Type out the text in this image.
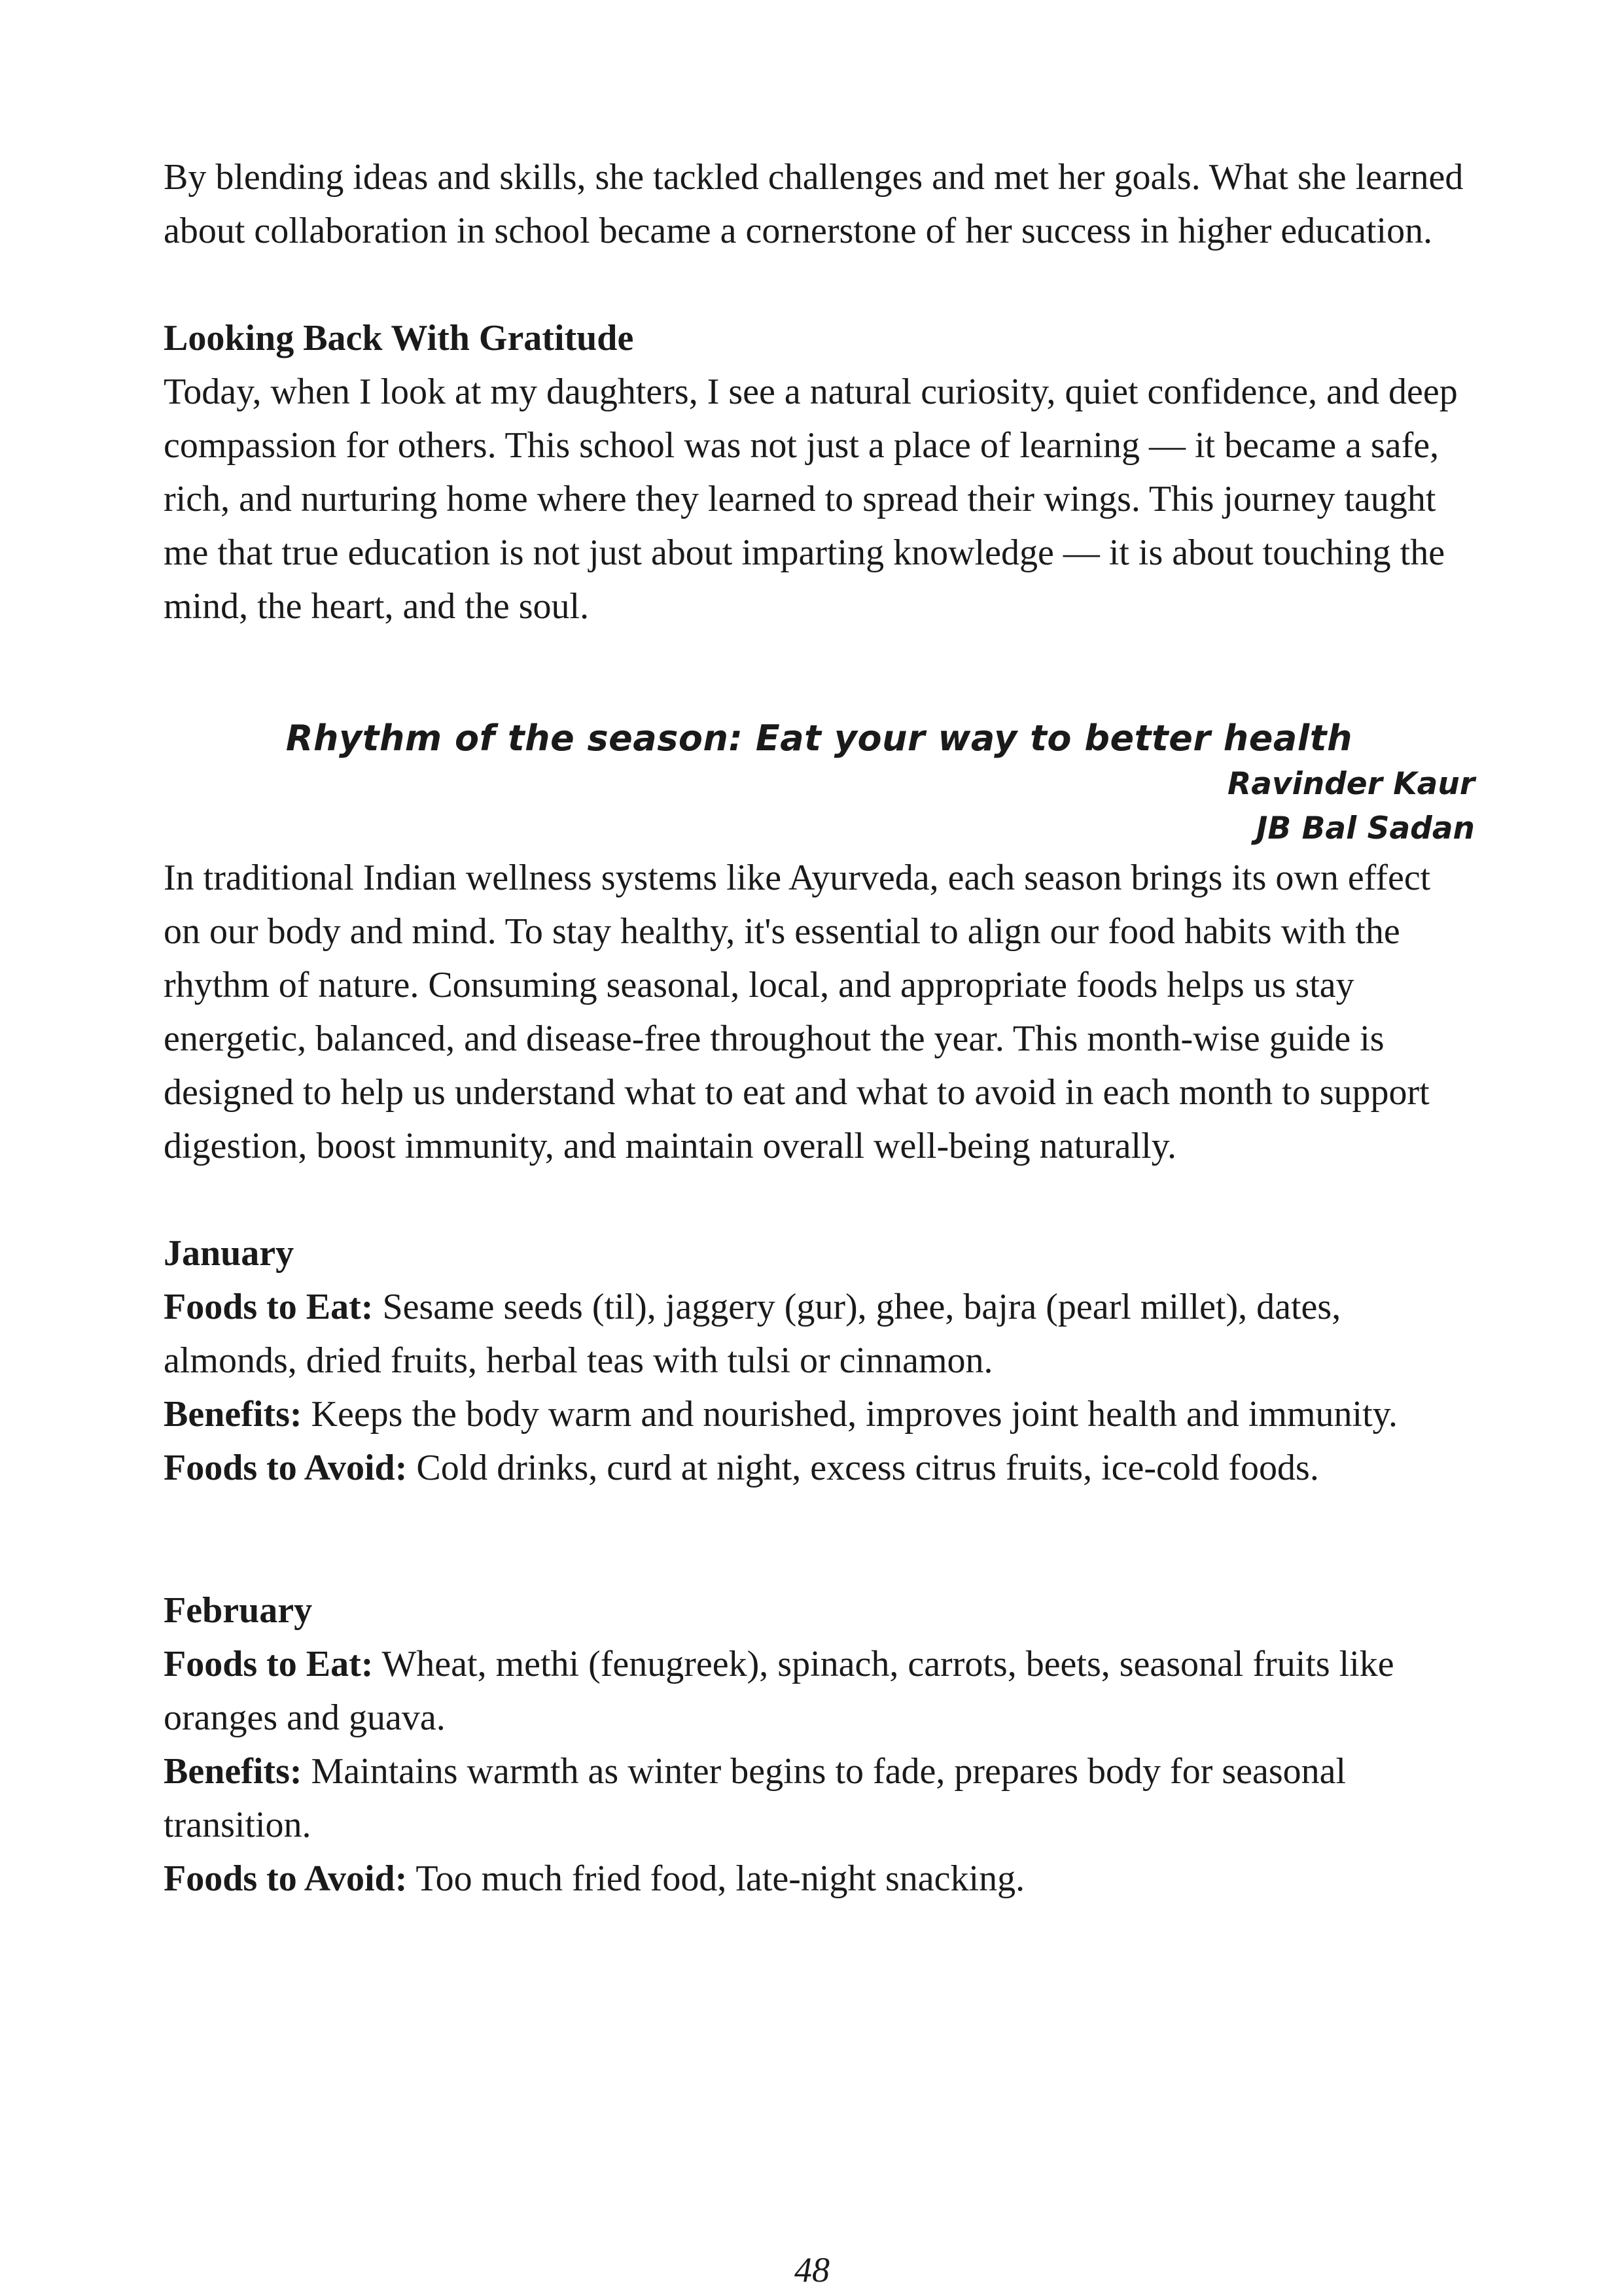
By blending ideas and skills, she tackled challenges and met her goals. What she learned about collaboration in school became a cornerstone of her success in higher education.

Looking Back With Gratitude

Today, when I look at my daughters, I see a natural curiosity, quiet confidence, and deep compassion for others. This school was not just a place of learning — it became a safe, rich, and nurturing home where they learned to spread their wings. This journey taught me that true education is not just about imparting knowledge — it is about touching the mind, the heart, and the soul.

Rhythm of the season: Eat your way to better health

Ravinder Kaur

JB Bal Sadan

In traditional Indian wellness systems like Ayurveda, each season brings its own effect on our body and mind. To stay healthy, it's essential to align our food habits with the rhythm of nature. Consuming seasonal, local, and appropriate foods helps us stay energetic, balanced, and disease-free throughout the year. This month-wise guide is designed to help us understand what to eat and what to avoid in each month to support digestion, boost immunity, and maintain overall well-being naturally.

January

Foods to Eat: Sesame seeds (til), jaggery (gur), ghee, bajra (pearl millet), dates, almonds, dried fruits, herbal teas with tulsi or cinnamon.

Benefits: Keeps the body warm and nourished, improves joint health and immunity.

Foods to Avoid: Cold drinks, curd at night, excess citrus fruits, ice-cold foods.

February

Foods to Eat: Wheat, methi (fenugreek), spinach, carrots, beets, seasonal fruits like oranges and guava.

Benefits: Maintains warmth as winter begins to fade, prepares body for seasonal transition.

Foods to Avoid: Too much fried food, late-night snacking.

48
